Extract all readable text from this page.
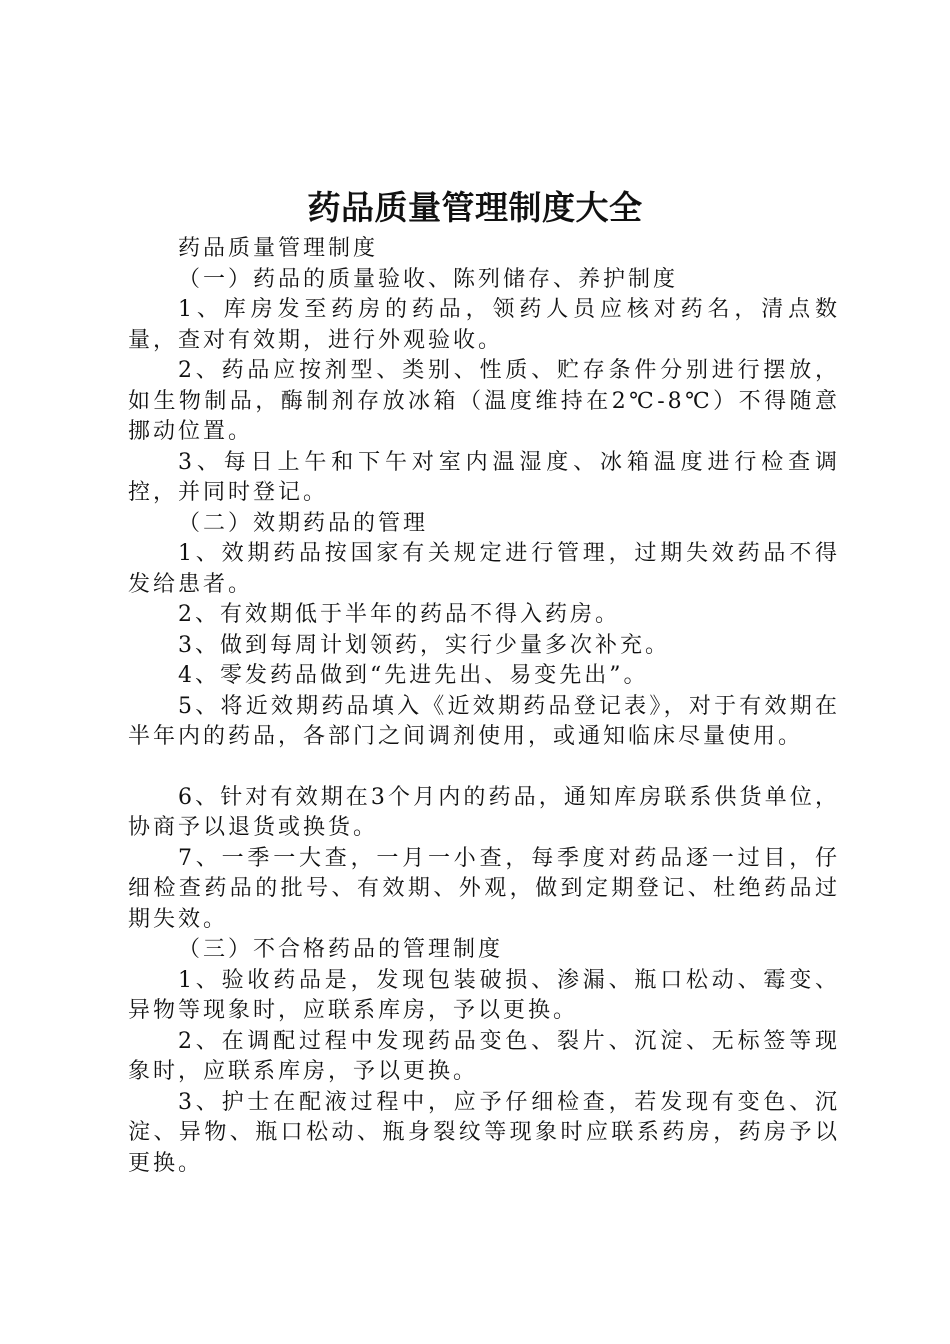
药品质量管理制度大全

药品质量管理制度

（一）药品的质量验收、陈列储存、养护制度

1、库房发至药房的药品，领药人员应核对药名，清点数量，查对有效期，进行外观验收。

2、药品应按剂型、类别、性质、贮存条件分别进行摆放，如生物制品，酶制剂存放冰箱（温度维持在2℃-8℃）不得随意挪动位置。

3、每日上午和下午对室内温湿度、冰箱温度进行检查调控，并同时登记。

（二）效期药品的管理

1、效期药品按国家有关规定进行管理，过期失效药品不得发给患者。

2、有效期低于半年的药品不得入药房。

3、做到每周计划领药，实行少量多次补充。

4、零发药品做到“先进先出、易变先出”。

5、将近效期药品填入《近效期药品登记表》，对于有效期在半年内的药品，各部门之间调剂使用，或通知临床尽量使用。

6、针对有效期在3个月内的药品，通知库房联系供货单位，协商予以退货或换货。

7、一季一大查，一月一小查，每季度对药品逐一过目，仔细检查药品的批号、有效期、外观，做到定期登记、杜绝药品过期失效。

（三）不合格药品的管理制度

1、验收药品是，发现包装破损、渗漏、瓶口松动、霉变、异物等现象时，应联系库房，予以更换。

2、在调配过程中发现药品变色、裂片、沉淀、无标签等现象时，应联系库房，予以更换。

3、护士在配液过程中，应予仔细检查，若发现有变色、沉淀、异物、瓶口松动、瓶身裂纹等现象时应联系药房，药房予以更换。
